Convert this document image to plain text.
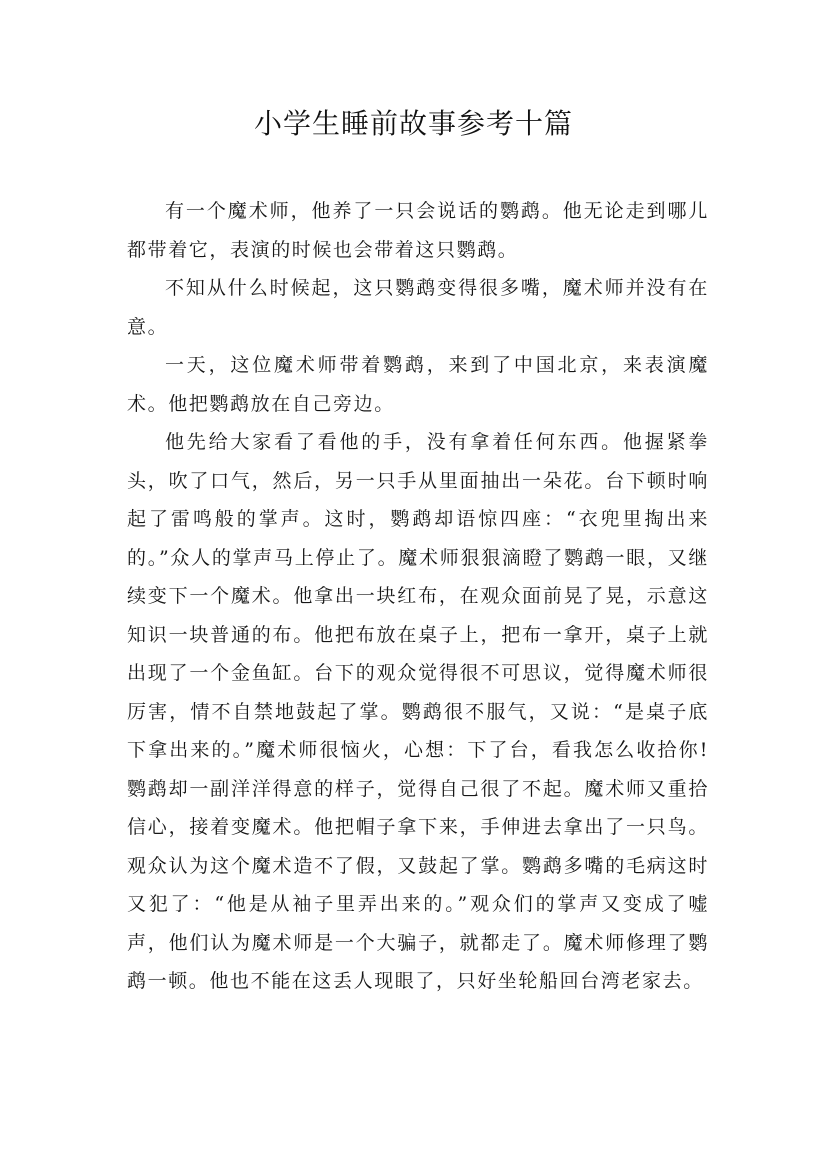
小学生睡前故事参考十篇

有一个魔术师，他养了一只会说话的鹦鹉。他无论走到哪儿都带着它，表演的时候也会带着这只鹦鹉。

不知从什么时候起，这只鹦鹉变得很多嘴，魔术师并没有在意。

一天，这位魔术师带着鹦鹉，来到了中国北京，来表演魔术。他把鹦鹉放在自己旁边。

他先给大家看了看他的手，没有拿着任何东西。他握紧拳头，吹了口气，然后，另一只手从里面抽出一朵花。台下顿时响起了雷鸣般的掌声。这时，鹦鹉却语惊四座：“衣兜里掏出来的。”众人的掌声马上停止了。魔术师狠狠滴瞪了鹦鹉一眼，又继续变下一个魔术。他拿出一块红布，在观众面前晃了晃，示意这知识一块普通的布。他把布放在桌子上，把布一拿开，桌子上就出现了一个金鱼缸。台下的观众觉得很不可思议，觉得魔术师很厉害，情不自禁地鼓起了掌。鹦鹉很不服气，又说：“是桌子底下拿出来的。”魔术师很恼火，心想：下了台，看我怎么收拾你!鹦鹉却一副洋洋得意的样子，觉得自己很了不起。魔术师又重拾信心，接着变魔术。他把帽子拿下来，手伸进去拿出了一只鸟。观众认为这个魔术造不了假，又鼓起了掌。鹦鹉多嘴的毛病这时又犯了：“他是从袖子里弄出来的。”观众们的掌声又变成了嘘声，他们认为魔术师是一个大骗子，就都走了。魔术师修理了鹦鹉一顿。他也不能在这丢人现眼了，只好坐轮船回台湾老家去。
